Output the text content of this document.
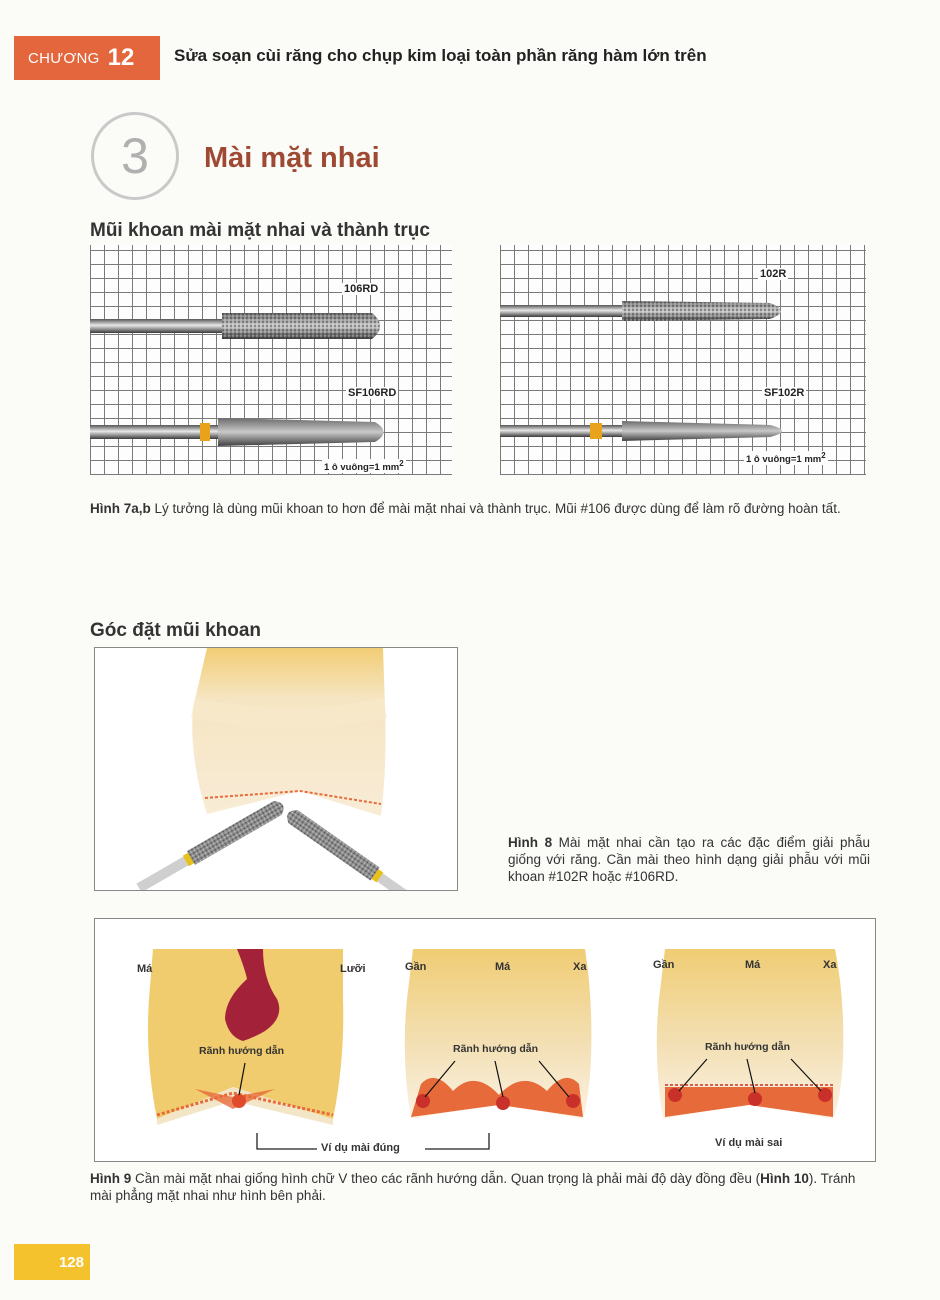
CHƯƠNG 12 Sửa soạn cùi răng cho chụp kim loại toàn phần răng hàm lớn trên
3	Mài mặt nhai
Mũi khoan mài mặt nhai và thành trục
106RD
SF106RD
1 ô vuông=1 $mm^2$
102R
SF102R
1 ô vuông=1 $mm^2$
Hình 7a,b Lý tưởng là dùng mũi khoan to hơn để mài mặt nhai và thành trục. Mũi #106 được dùng để làm rõ đường hoàn tất.
Góc đặt mũi khoan
Hình 8 Mài mặt nhai cần tạo ra các đặc điểm giải phẫu giống với răng. Cần mài theo hình dạng giải phẫu với mũi khoan #102R hoặc #106RD.
Má	Lưỡi
Rãnh hướng dẫn
Gần	Má	Xa
Rãnh hướng dẫn
Gần	Má	Xa
Rãnh hướng dẫn
Ví dụ mài đúng	Ví dụ mài sai
Hình 9 Cần mài mặt nhai giống hình chữ V theo các rãnh hướng dẫn. Quan trọng là phải mài độ dày đồng đều (Hình 10). Tránh mài phẳng mặt nhai như hình bên phải.
128
